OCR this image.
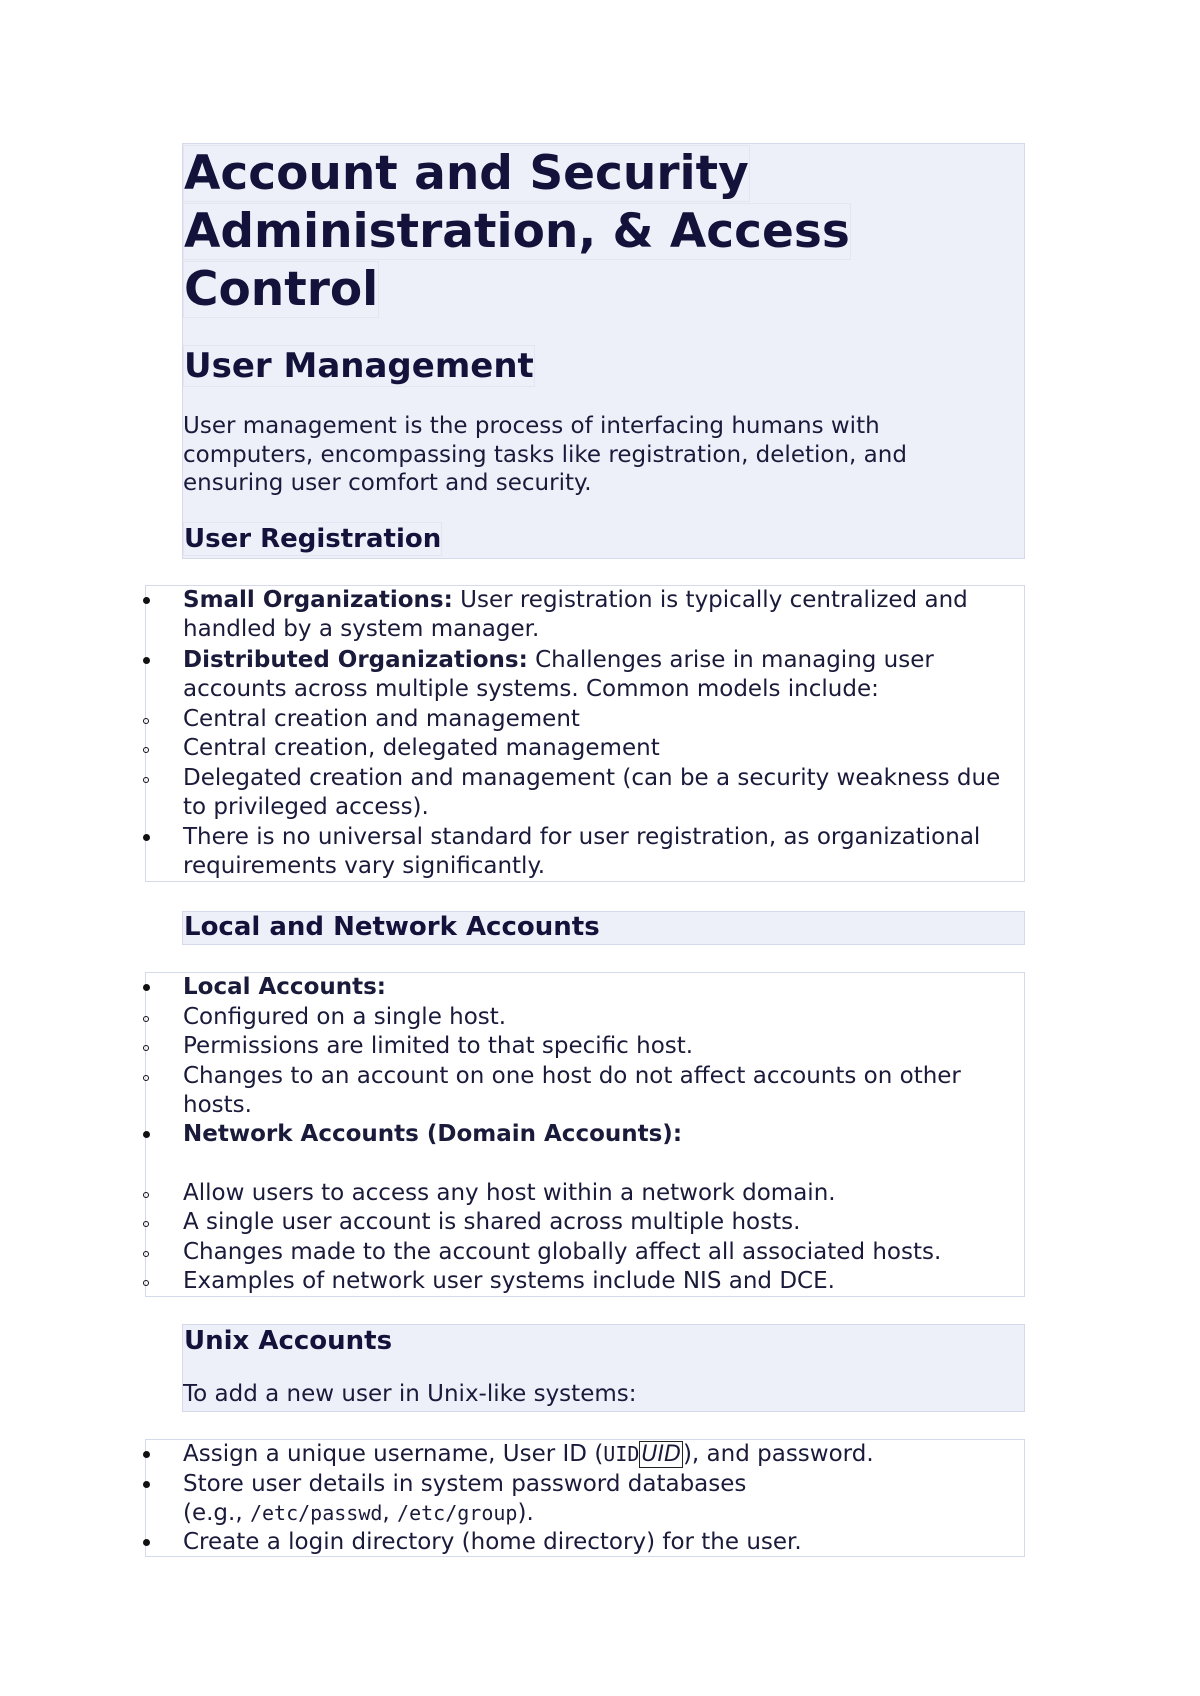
Account and Security
Administration, & Access
Control
User Management

User management is the process of interfacing humans with computers, encompassing tasks like registration, deletion, and ensuring user comfort and security.

User Registration
Small Organizations: User registration is typically centralized and handled by a system manager.
Distributed Organizations: Challenges arise in managing user accounts across multiple systems. Common models include:
Central creation and management
Central creation, delegated management
Delegated creation and management (can be a security weakness due to privileged access).
There is no universal standard for user registration, as organizational requirements vary significantly.
Local and Network Accounts
Local Accounts:
Configured on a single host.
Permissions are limited to that specific host.
Changes to an account on one host do not affect accounts on other hosts.
Network Accounts (Domain Accounts):
Allow users to access any host within a network domain.
A single user account is shared across multiple hosts.
Changes made to the account globally affect all associated hosts.
Examples of network user systems include NIS and DCE.
Unix Accounts

To add a new user in Unix-like systems:

Assign a unique username, User ID (UIDUID), and password.
Store user details in system password databases (e.g., /etc/passwd, /etc/group).
Create a login directory (home directory) for the user.
